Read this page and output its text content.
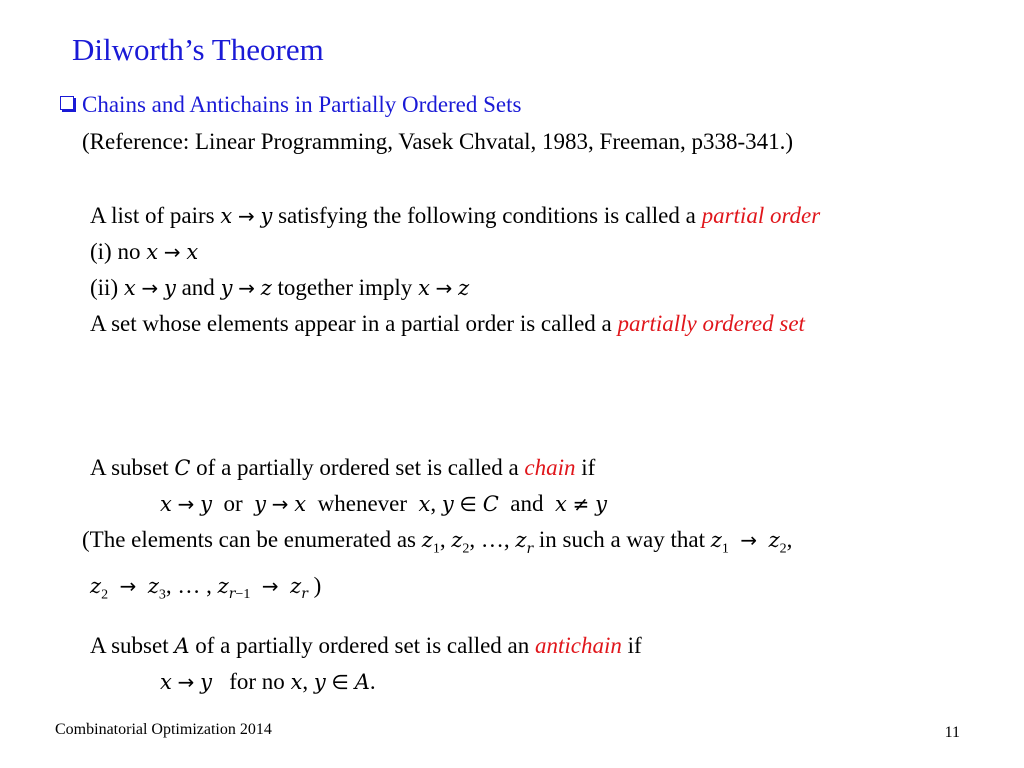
Dilworth’s Theorem
Chains and Antichains in Partially Ordered Sets
(Reference: Linear Programming, Vasek Chvatal, 1983, Freeman, p338-341.)
A list of pairs x → y satisfying the following conditions is called a partial order
(i) no x → x
(ii) x → y and y → z together imply x → z
A set whose elements appear in a partial order is called a partially ordered set
A subset C of a partially ordered set is called a chain if
x → y or y → x whenever x, y ∈ C and x ≠ y
(The elements can be enumerated as $z_1$, $z_2$, …, $z_r$ in such a way that $z_1 \to z_2$,
$z_2 \to z_3$, … , $z_{r-1} \to z_r$ )
A subset A of a partially ordered set is called an antichain if
x → y for no x, y ∈ A.
Combinatorial Optimization 2014	11
